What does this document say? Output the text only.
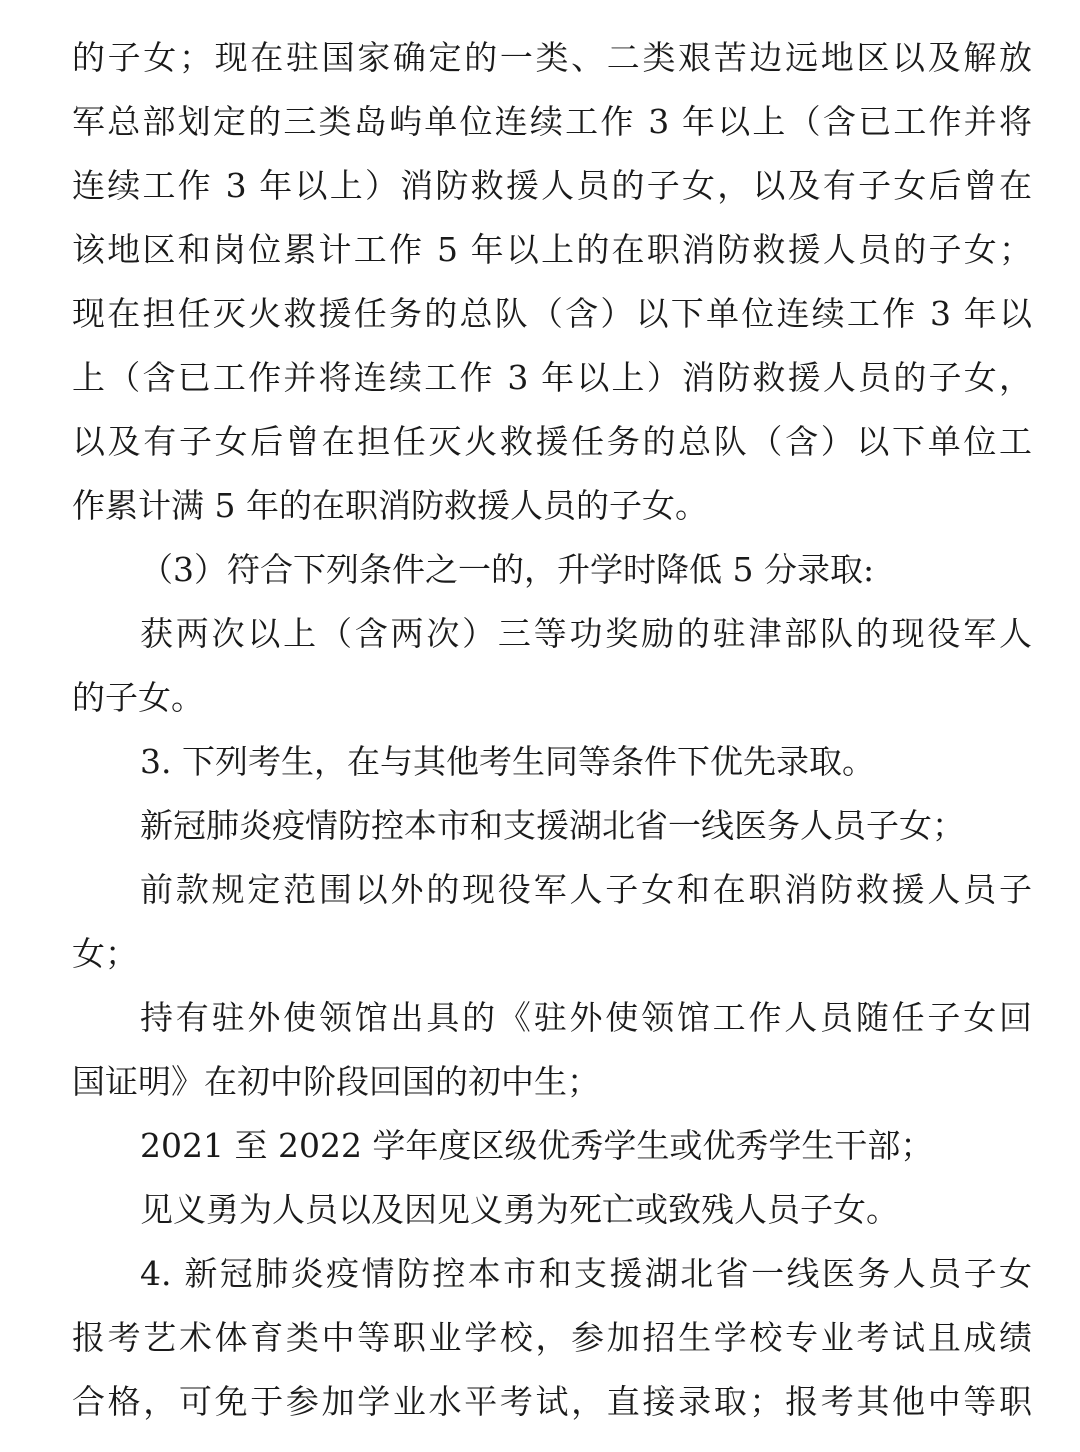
的子女；现在驻国家确定的一类、二类艰苦边远地区以及解放
军总部划定的三类岛屿单位连续工作 3 年以上（含已工作并将
连续工作 3 年以上）消防救援人员的子女，以及有子女后曾在
该地区和岗位累计工作 5 年以上的在职消防救援人员的子女；
现在担任灭火救援任务的总队（含）以下单位连续工作 3 年以
上（含已工作并将连续工作 3 年以上）消防救援人员的子女，
以及有子女后曾在担任灭火救援任务的总队（含）以下单位工
作累计满 5 年的在职消防救援人员的子女。
（3）符合下列条件之一的，升学时降低 5 分录取:
获两次以上（含两次）三等功奖励的驻津部队的现役军人
的子女。
3. 下列考生，在与其他考生同等条件下优先录取。
新冠肺炎疫情防控本市和支援湖北省一线医务人员子女；
前款规定范围以外的现役军人子女和在职消防救援人员子
女；
持有驻外使领馆出具的《驻外使领馆工作人员随任子女回
国证明》在初中阶段回国的初中生；
2021 至 2022 学年度区级优秀学生或优秀学生干部；
见义勇为人员以及因见义勇为死亡或致残人员子女。
4. 新冠肺炎疫情防控本市和支援湖北省一线医务人员子女
报考艺术体育类中等职业学校，参加招生学校专业考试且成绩
合格，可免于参加学业水平考试，直接录取；报考其他中等职
